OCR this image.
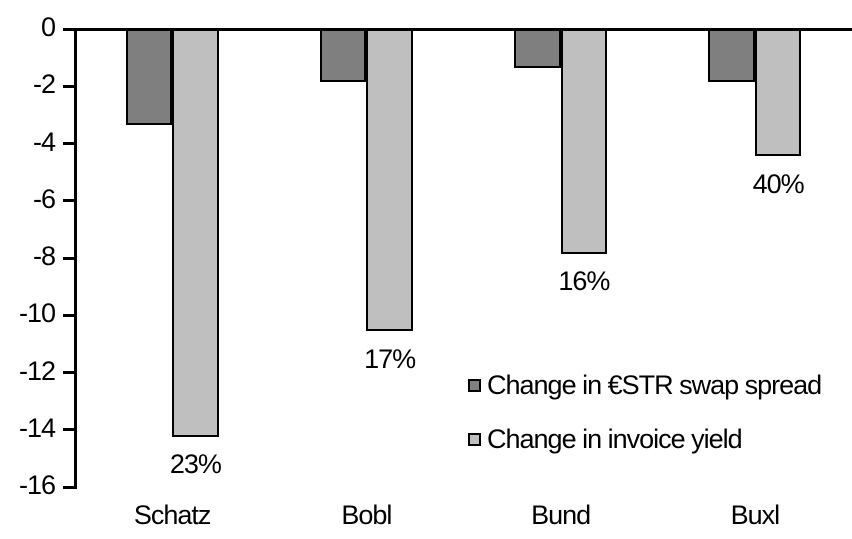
0
-2
-4
-6
-8
-10
-12
-14
-16
23%
Schatz
17%
Bobl
16%
Bund
40%
Buxl
Change in €STR swap spread
Change in invoice yield
